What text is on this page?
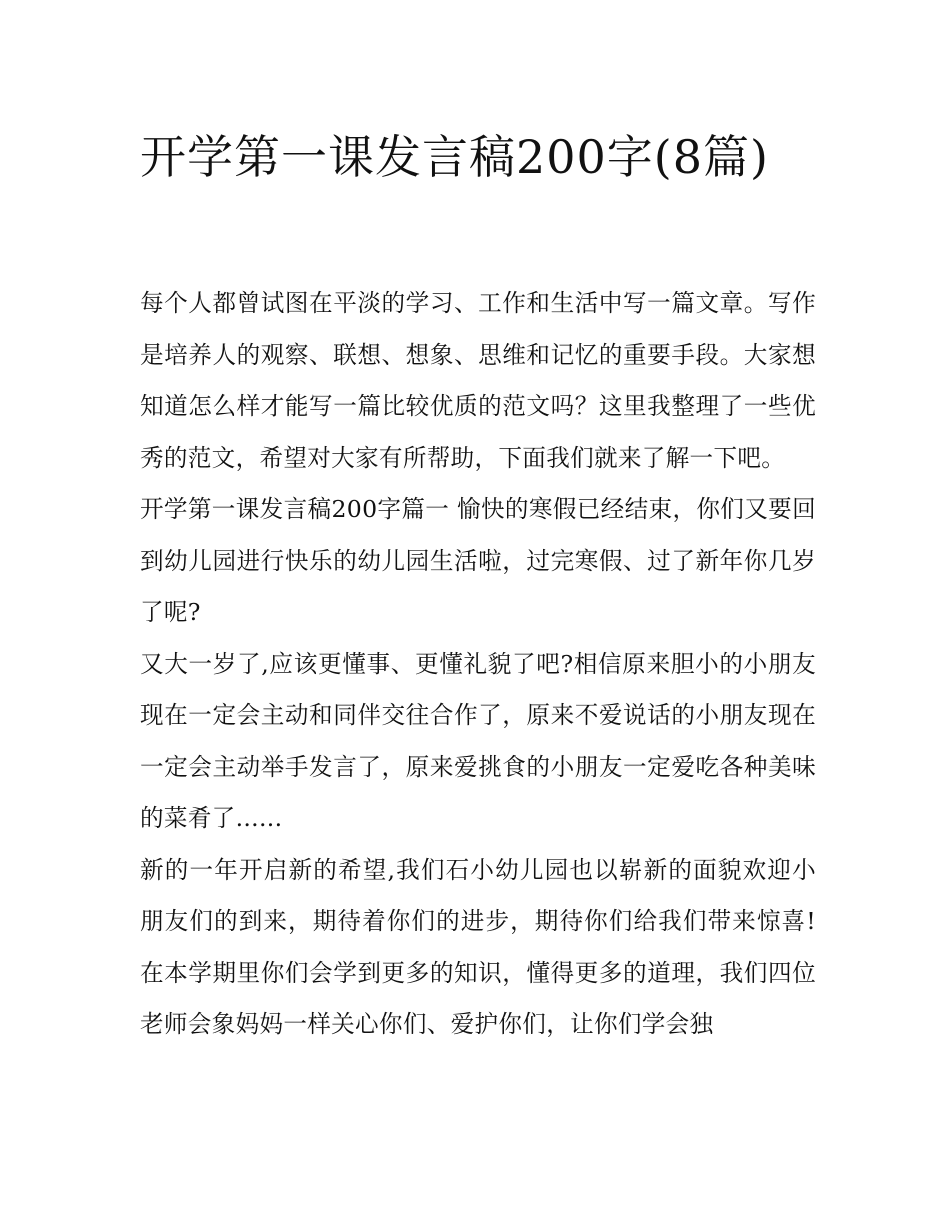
开学第一课发言稿200字(8篇)

每个人都曾试图在平淡的学习、工作和生活中写一篇文章。写作是培养人的观察、联想、想象、思维和记忆的重要手段。大家想知道怎么样才能写一篇比较优质的范文吗？这里我整理了一些优秀的范文，希望对大家有所帮助，下面我们就来了解一下吧。

开学第一课发言稿200字篇一 愉快的寒假已经结束，你们又要回到幼儿园进行快乐的幼儿园生活啦，过完寒假、过了新年你几岁了呢?

又大一岁了,应该更懂事、更懂礼貌了吧?相信原来胆小的小朋友现在一定会主动和同伴交往合作了，原来不爱说话的小朋友现在一定会主动举手发言了，原来爱挑食的小朋友一定爱吃各种美味的菜肴了......

新的一年开启新的希望,我们石小幼儿园也以崭新的面貌欢迎小朋友们的到来，期待着你们的进步，期待你们给我们带来惊喜!在本学期里你们会学到更多的知识，懂得更多的道理，我们四位老师会象妈妈一样关心你们、爱护你们，让你们学会独
